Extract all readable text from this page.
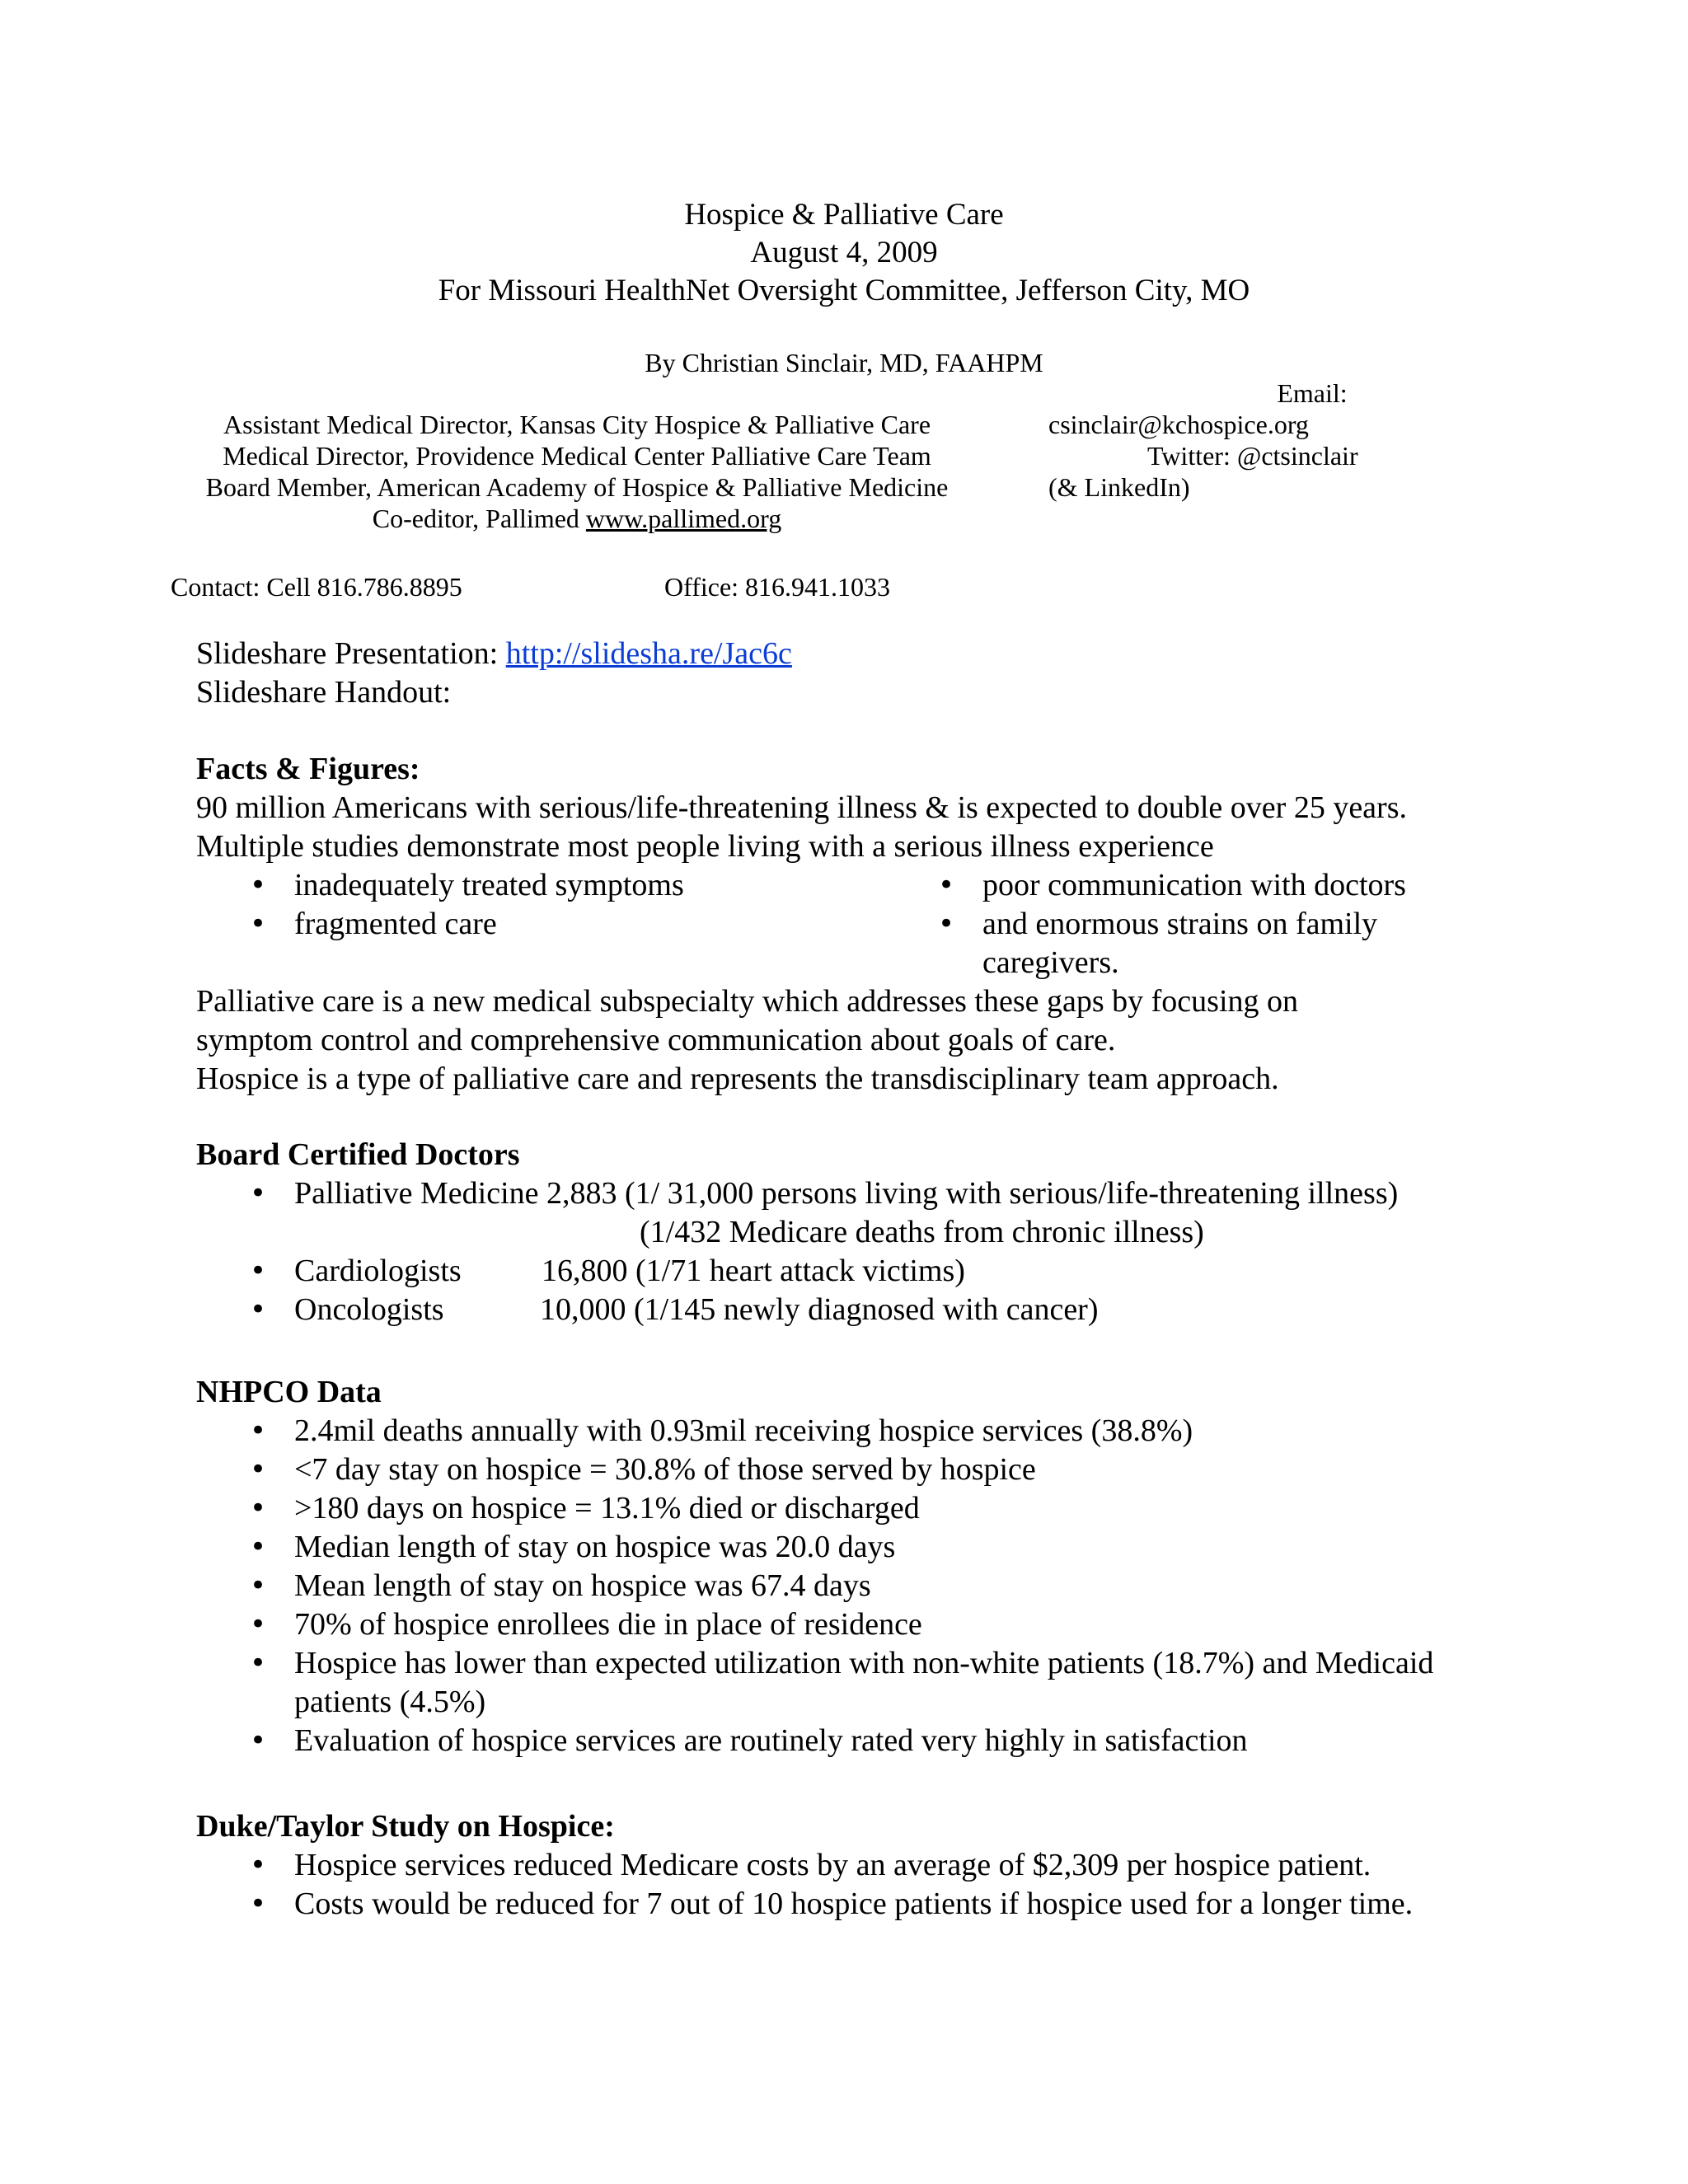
Hospice & Palliative Care
August 4, 2009
For Missouri HealthNet Oversight Committee, Jefferson City, MO
By Christian Sinclair, MD, FAAHPM
Assistant Medical Director, Kansas City Hospice & Palliative Care
Medical Director, Providence Medical Center Palliative Care Team
Board Member, American Academy of Hospice & Palliative Medicine
Co-editor, Pallimed www.pallimed.org
Email:
csinclair@kchospice.org
Twitter: @ctsinclair
(& LinkedIn)
Contact: Cell 816.786.8895	Office: 816.941.1033
Slideshare Presentation: http://slidesha.re/Jac6c
Slideshare Handout:
Facts & Figures:
90 million Americans with serious/life-threatening illness & is expected to double over 25 years.
Multiple studies demonstrate most people living with a serious illness experience
• inadequately treated symptoms
• fragmented care
• poor communication with doctors
• and enormous strains on family caregivers.
Palliative care is a new medical subspecialty which addresses these gaps by focusing on symptom control and comprehensive communication about goals of care.
Hospice is a type of palliative care and represents the transdisciplinary team approach.
Board Certified Doctors
• Palliative Medicine 2,883 (1/ 31,000 persons living with serious/life-threatening illness)
(1/432 Medicare deaths from chronic illness)
• Cardiologists	16,800 (1/71 heart attack victims)
• Oncologists	10,000 (1/145 newly diagnosed with cancer)
NHPCO Data
• 2.4mil deaths annually with 0.93mil receiving hospice services (38.8%)
• <7 day stay on hospice = 30.8% of those served by hospice
• >180 days on hospice = 13.1% died or discharged
• Median length of stay on hospice was 20.0 days
• Mean length of stay on hospice was 67.4 days
• 70% of hospice enrollees die in place of residence
• Hospice has lower than expected utilization with non-white patients (18.7%) and Medicaid patients (4.5%)
• Evaluation of hospice services are routinely rated very highly in satisfaction
Duke/Taylor Study on Hospice:
• Hospice services reduced Medicare costs by an average of $2,309 per hospice patient.
• Costs would be reduced for 7 out of 10 hospice patients if hospice used for a longer time.
